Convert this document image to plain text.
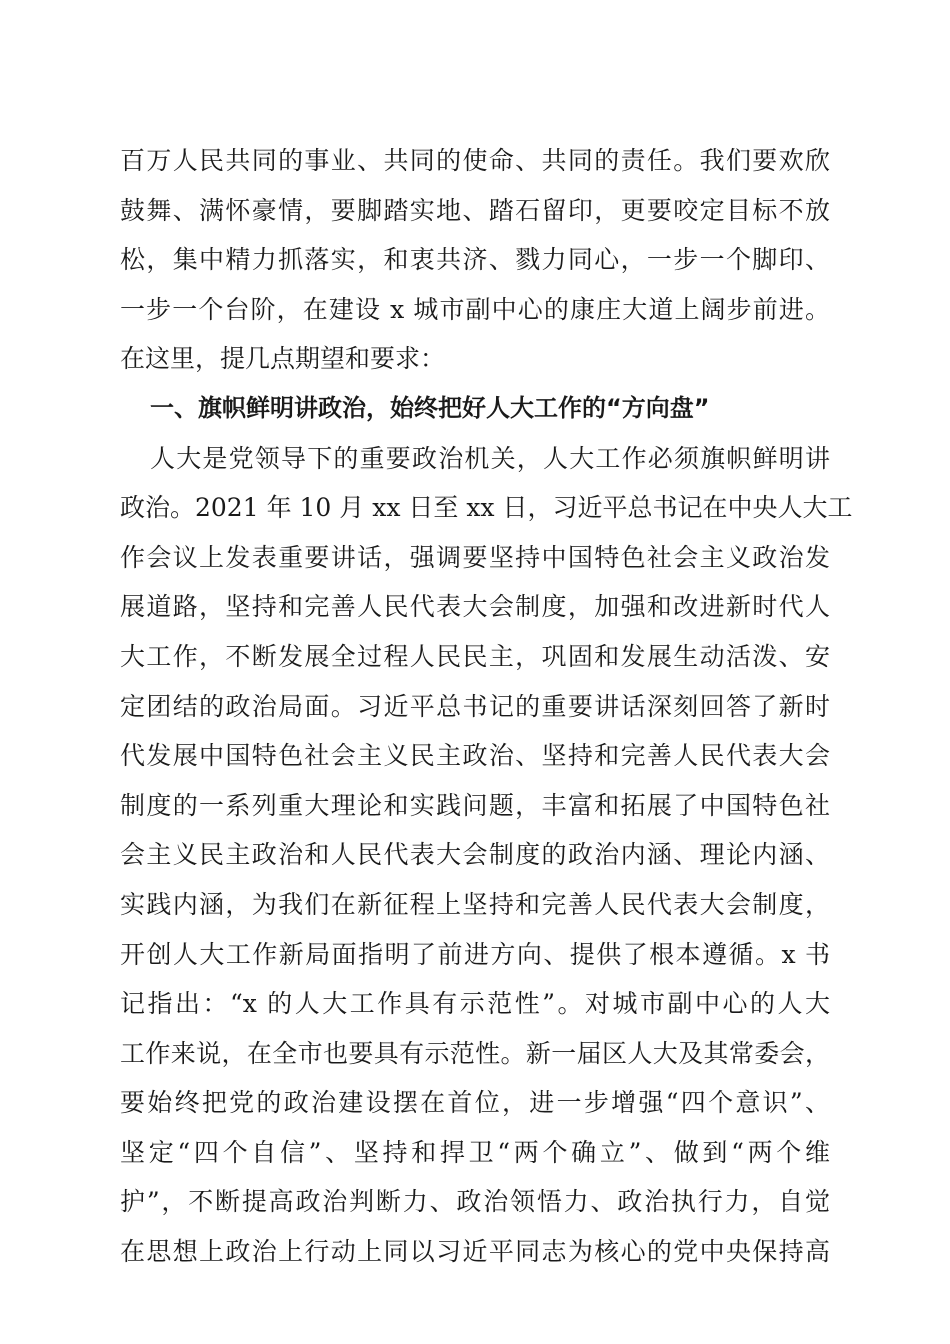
百万人民共同的事业、共同的使命、共同的责任。我们要欢欣
鼓舞、满怀豪情，要脚踏实地、踏石留印，更要咬定目标不放
松，集中精力抓落实，和衷共济、戮力同心，一步一个脚印、
一步一个台阶，在建设 x 城市副中心的康庄大道上阔步前进。
在这里，提几点期望和要求：
一、旗帜鲜明讲政治，始终把好人大工作的“方向盘”
人大是党领导下的重要政治机关，人大工作必须旗帜鲜明讲
政治。2021 年 10 月 xx 日至 xx 日，习近平总书记在中央人大工
作会议上发表重要讲话，强调要坚持中国特色社会主义政治发
展道路，坚持和完善人民代表大会制度，加强和改进新时代人
大工作，不断发展全过程人民民主，巩固和发展生动活泼、安
定团结的政治局面。习近平总书记的重要讲话深刻回答了新时
代发展中国特色社会主义民主政治、坚持和完善人民代表大会
制度的一系列重大理论和实践问题，丰富和拓展了中国特色社
会主义民主政治和人民代表大会制度的政治内涵、理论内涵、
实践内涵，为我们在新征程上坚持和完善人民代表大会制度，
开创人大工作新局面指明了前进方向、提供了根本遵循。x 书
记指出：“x 的人大工作具有示范性”。对城市副中心的人大
工作来说，在全市也要具有示范性。新一届区人大及其常委会，
要始终把党的政治建设摆在首位，进一步增强“四个意识”、
坚定“四个自信”、坚持和捍卫“两个确立”、做到“两个维
护”，不断提高政治判断力、政治领悟力、政治执行力，自觉
在思想上政治上行动上同以习近平同志为核心的党中央保持高
